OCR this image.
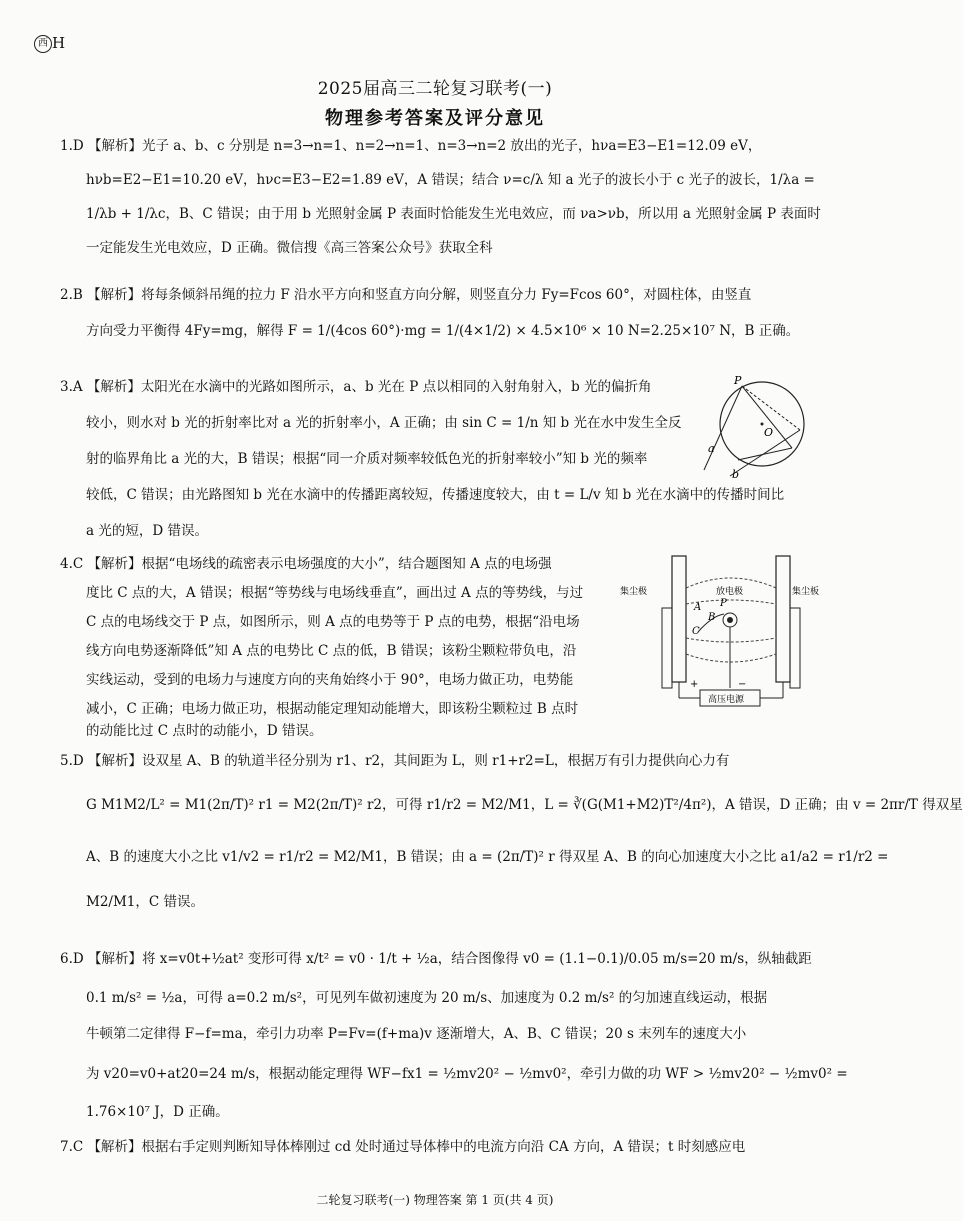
西 H
2025届高三二轮复习联考(一)
物理参考答案及评分意见
1.D 【解析】光子 a、b、c 分别是 n=3→n=1、n=2→n=1、n=3→n=2 放出的光子，hνa=E3−E1=12.09 eV，
hνb=E2−E1=10.20 eV，hνc=E3−E2=1.89 eV，A 错误；结合 ν=c/λ 知 a 光子的波长小于 c 光子的波长，1/λa =
1/λb + 1/λc，B、C 错误；由于用 b 光照射金属 P 表面时恰能发生光电效应，而 νa>νb，所以用 a 光照射金属 P 表面时
一定能发生光电效应，D 正确。微信搜《高三答案公众号》获取全科
2.B 【解析】将每条倾斜吊绳的拉力 F 沿水平方向和竖直方向分解，则竖直分力 Fy=Fcos 60°，对圆柱体，由竖直
方向受力平衡得 4Fy=mg，解得 F = 1/(4cos 60°)·mg = 1/(4×1/2) × 4.5×10⁶ × 10 N=2.25×10⁷ N，B 正确。
3.A 【解析】太阳光在水滴中的光路如图所示，a、b 光在 P 点以相同的入射角射入，b 光的偏折角
较小，则水对 b 光的折射率比对 a 光的折射率小，A 正确；由 sin C = 1/n 知 b 光在水中发生全反
射的临界角比 a 光的大，B 错误；根据“同一介质对频率较低色光的折射率较小”知 b 光的频率
较低，C 错误；由光路图知 b 光在水滴中的传播距离较短，传播速度较大，由 t = L/v 知 b 光在水滴中的传播时间比
a 光的短，D 错误。
4.C 【解析】根据“电场线的疏密表示电场强度的大小”，结合题图知 A 点的电场强
度比 C 点的大，A 错误；根据“等势线与电场线垂直”，画出过 A 点的等势线，与过
C 点的电场线交于 P 点，如图所示，则 A 点的电势等于 P 点的电势，根据“沿电场
线方向电势逐渐降低”知 A 点的电势比 C 点的低，B 错误；该粉尘颗粒带负电，沿
实线运动，受到的电场力与速度方向的夹角始终小于 90°，电场力做正功，电势能
减小，C 正确；电场力做正功，根据动能定理知动能增大，即该粉尘颗粒过 B 点时
的动能比过 C 点时的动能小，D 错误。
5.D 【解析】设双星 A、B 的轨道半径分别为 r1、r2，其间距为 L，则 r1+r2=L，根据万有引力提供向心力有
G M1M2/L² = M1(2π/T)² r1 = M2(2π/T)² r2，可得 r1/r2 = M2/M1，L = ∛(G(M1+M2)T²/4π²)，A 错误，D 正确；由 v = 2πr/T 得双星
A、B 的速度大小之比 v1/v2 = r1/r2 = M2/M1，B 错误；由 a = (2π/T)² r 得双星 A、B 的向心加速度大小之比 a1/a2 = r1/r2 =
M2/M1，C 错误。
6.D 【解析】将 x=v0t+½at² 变形可得 x/t² = v0 · 1/t + ½a，结合图像得 v0 = (1.1−0.1)/0.05 m/s=20 m/s，纵轴截距
0.1 m/s² = ½a，可得 a=0.2 m/s²，可见列车做初速度为 20 m/s、加速度为 0.2 m/s² 的匀加速直线运动，根据
牛顿第二定律得 F−f=ma，牵引力功率 P=Fv=(f+ma)v 逐渐增大，A、B、C 错误；20 s 末列车的速度大小
为 v20=v0+at20=24 m/s，根据动能定理得 WF−fx1 = ½mv20² − ½mv0²，牵引力做的功 WF > ½mv20² − ½mv0² =
1.76×10⁷ J，D 正确。
7.C 【解析】根据右手定则判断知导体棒刚过 cd 处时通过导体棒中的电流方向沿 CA 方向，A 错误；t 时刻感应电
P
O
a
b
集尘极	放电极	集尘板
A
B
C
P
+	−
高压电源
二轮复习联考(一) 物理答案 第 1 页(共 4 页)
